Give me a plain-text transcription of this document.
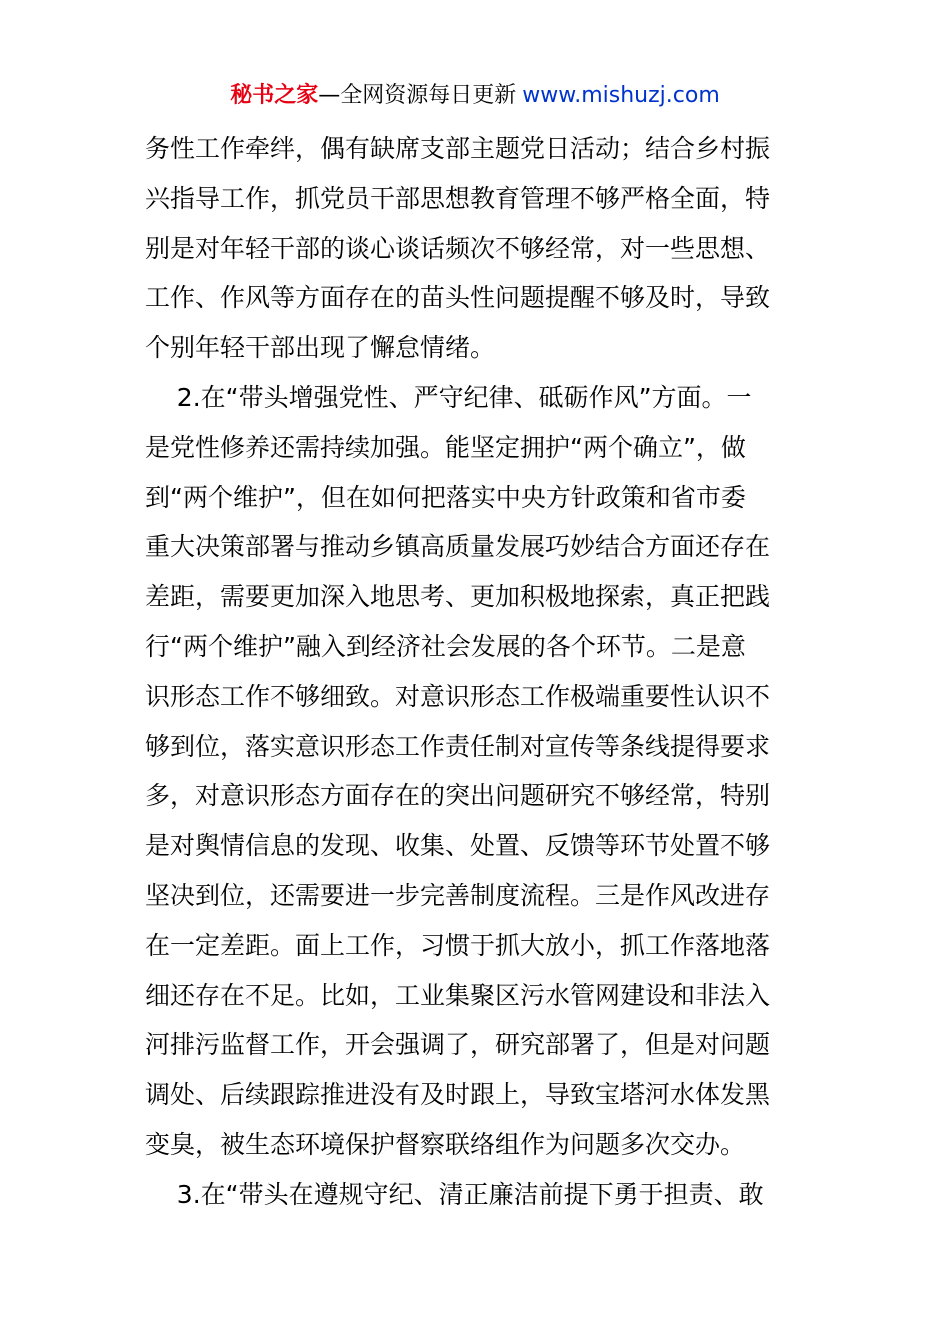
秘书之家—全网资源每日更新 www.mishuzj.com
务性工作牵绊，偶有缺席支部主题党日活动；结合乡村振
兴指导工作，抓党员干部思想教育管理不够严格全面，特
别是对年轻干部的谈心谈话频次不够经常，对一些思想、
工作、作风等方面存在的苗头性问题提醒不够及时，导致
个别年轻干部出现了懈怠情绪。
2.在“带头增强党性、严守纪律、砥砺作风”方面。一
是党性修养还需持续加强。能坚定拥护“两个确立”，做
到“两个维护”，但在如何把落实中央方针政策和省市委
重大决策部署与推动乡镇高质量发展巧妙结合方面还存在
差距，需要更加深入地思考、更加积极地探索，真正把践
行“两个维护”融入到经济社会发展的各个环节。二是意
识形态工作不够细致。对意识形态工作极端重要性认识不
够到位，落实意识形态工作责任制对宣传等条线提得要求
多，对意识形态方面存在的突出问题研究不够经常，特别
是对舆情信息的发现、收集、处置、反馈等环节处置不够
坚决到位，还需要进一步完善制度流程。三是作风改进存
在一定差距。面上工作，习惯于抓大放小，抓工作落地落
细还存在不足。比如，工业集聚区污水管网建设和非法入
河排污监督工作，开会强调了，研究部署了，但是对问题
调处、后续跟踪推进没有及时跟上，导致宝塔河水体发黑
变臭，被生态环境保护督察联络组作为问题多次交办。
3.在“带头在遵规守纪、清正廉洁前提下勇于担责、敢
